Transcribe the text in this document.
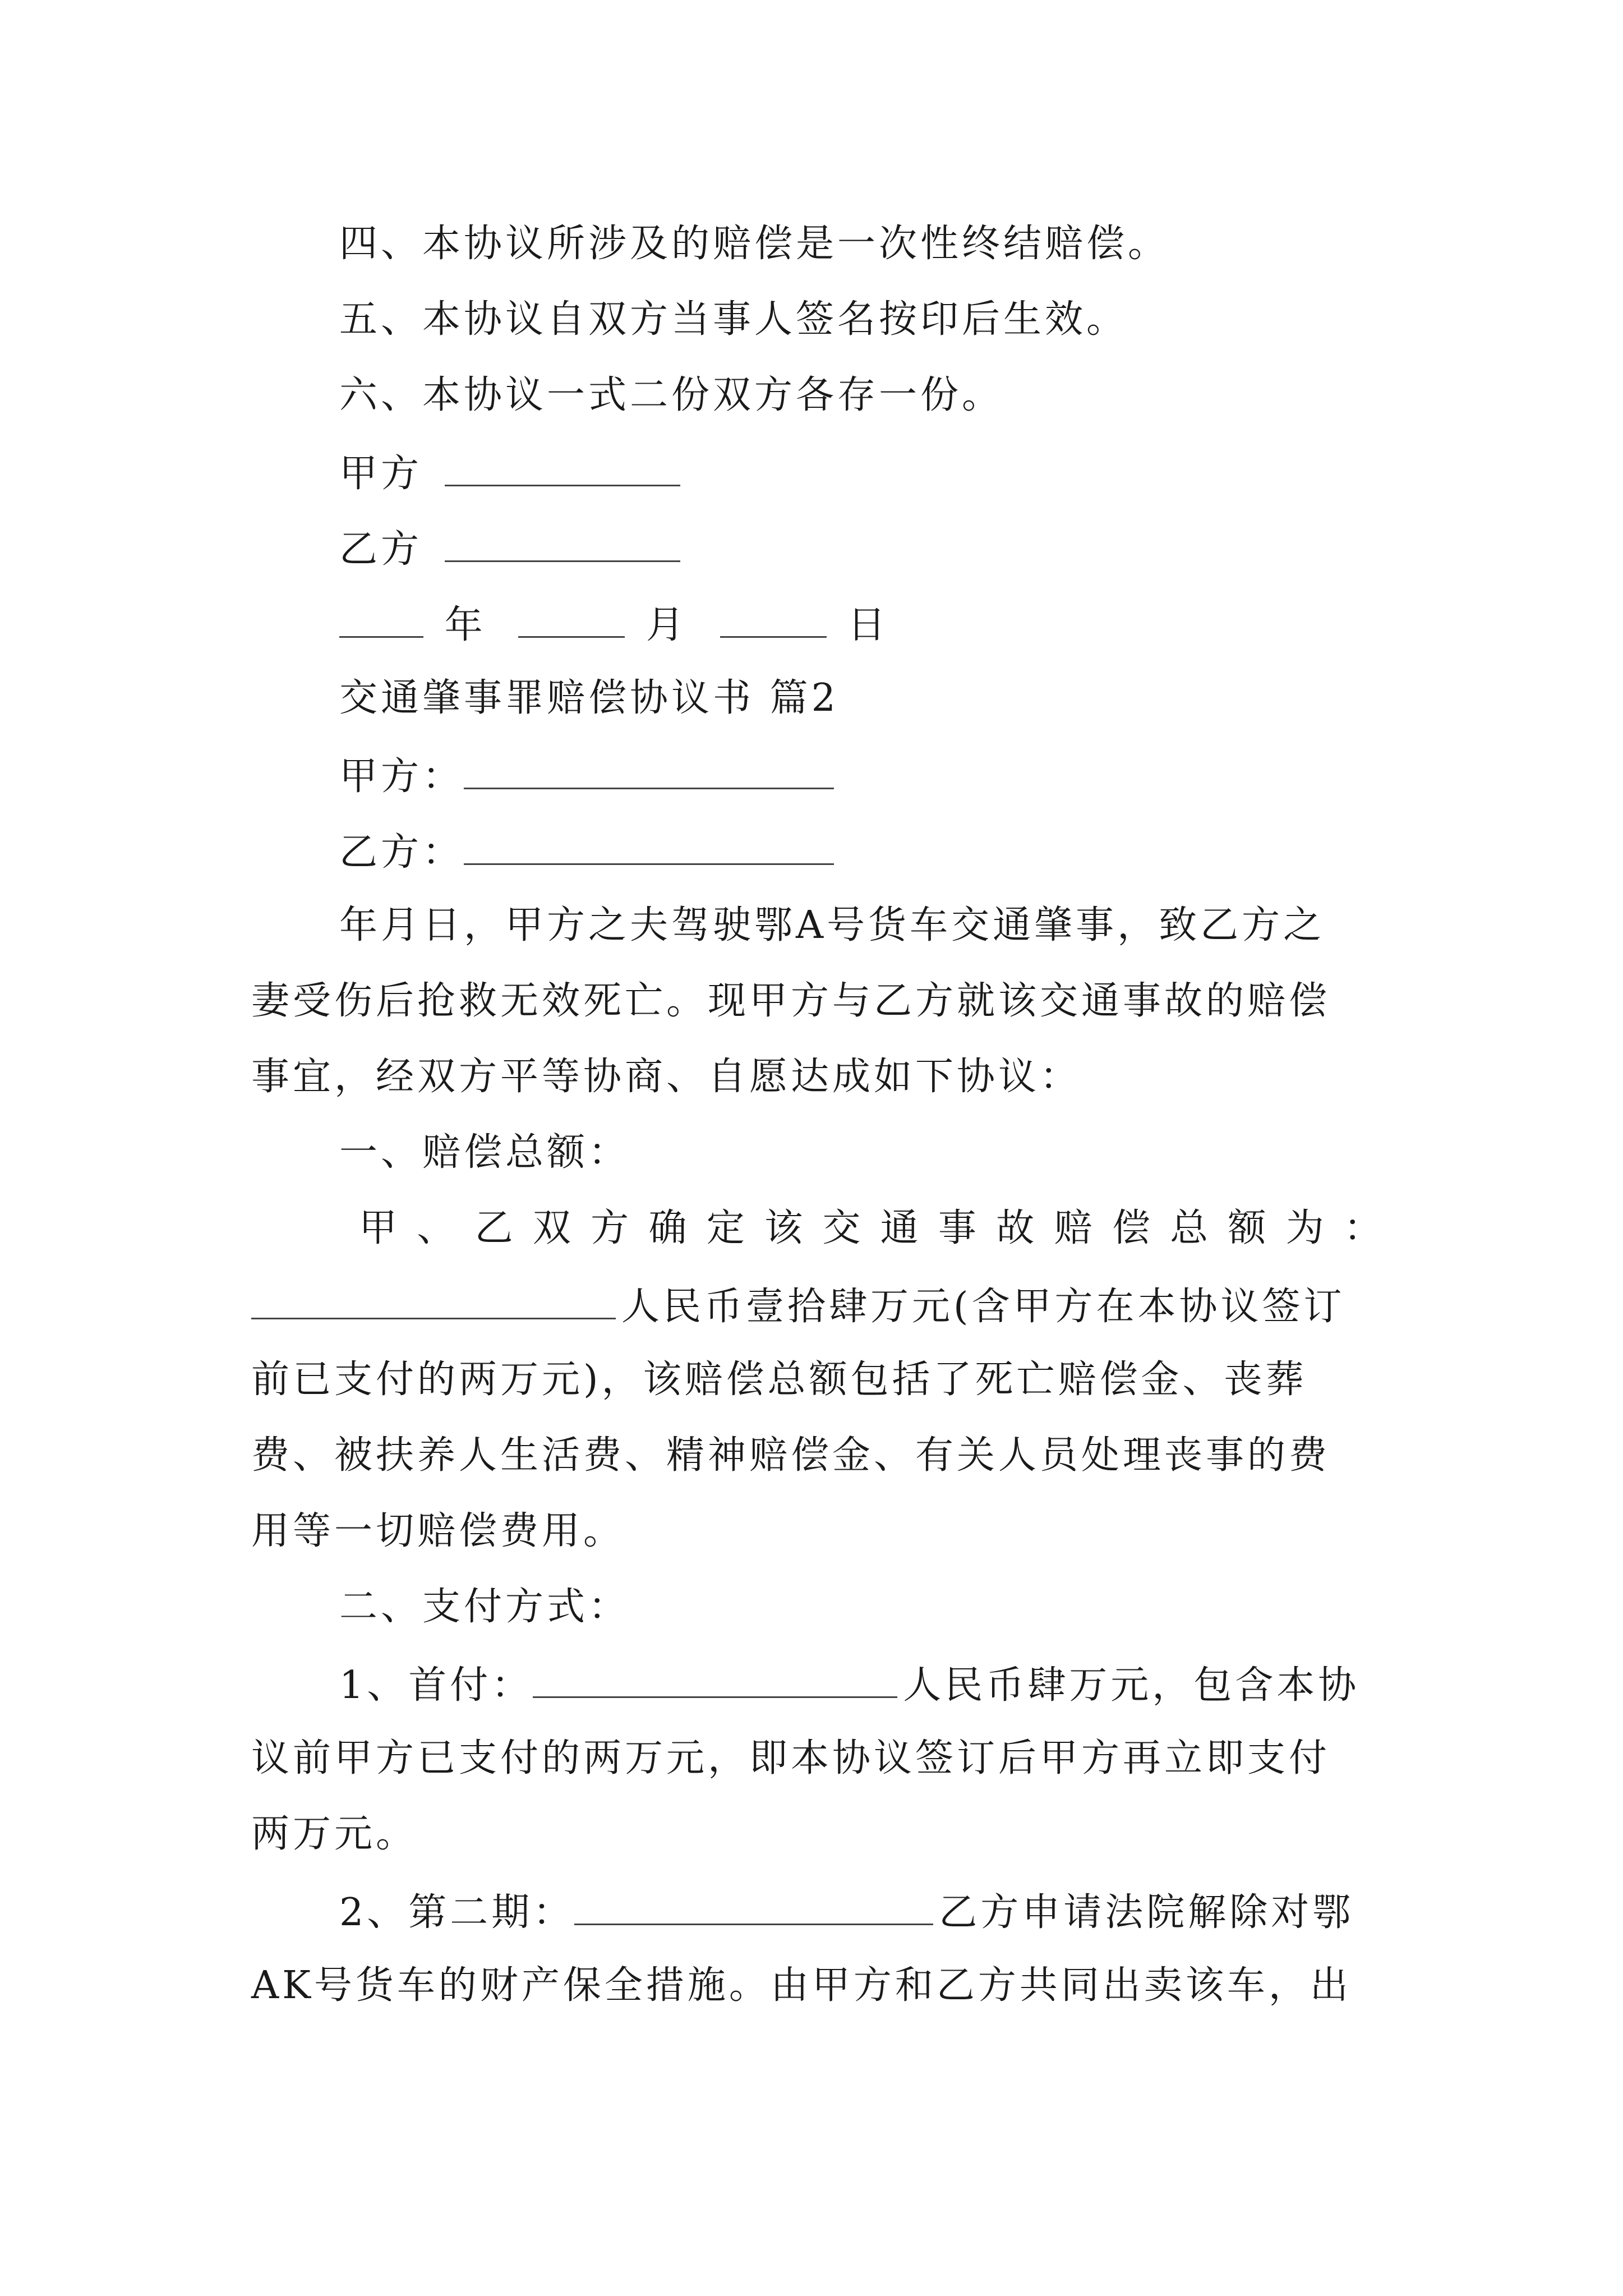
四、本协议所涉及的赔偿是一次性终结赔偿。
五、本协议自双方当事人签名按印后生效。
六、本协议一式二份双方各存一份。
甲方
乙方
年	月	日
交通肇事罪赔偿协议书 篇2
甲方：
乙方：
年月日，甲方之夫驾驶鄂A号货车交通肇事，致乙方之
妻受伤后抢救无效死亡。现甲方与乙方就该交通事故的赔偿
事宜，经双方平等协商、自愿达成如下协议：
一、赔偿总额：
甲、乙双方确定该交通事故赔偿总额为：
人民币壹拾肆万元(含甲方在本协议签订
前已支付的两万元)，该赔偿总额包括了死亡赔偿金、丧葬
费、被扶养人生活费、精神赔偿金、有关人员处理丧事的费
用等一切赔偿费用。
二、支付方式：
1、首付：	人民币肆万元，包含本协
议前甲方已支付的两万元，即本协议签订后甲方再立即支付
两万元。
2、第二期：	乙方申请法院解除对鄂
AK号货车的财产保全措施。由甲方和乙方共同出卖该车，出
